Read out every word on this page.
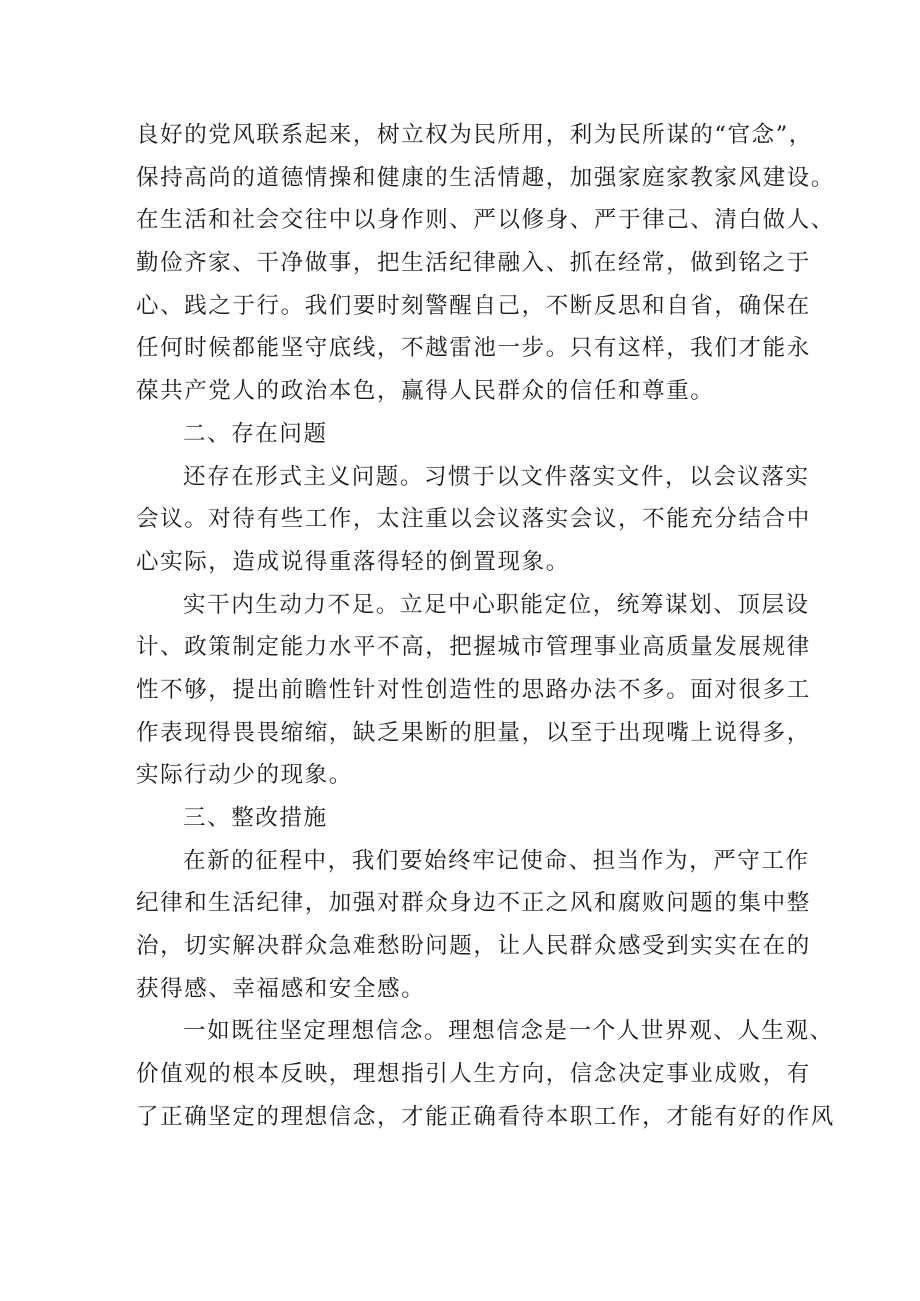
良好的党风联系起来，树立权为民所用，利为民所谋的“官念”，

保持高尚的道德情操和健康的生活情趣，加强家庭家教家风建设。

在生活和社会交往中以身作则、严以修身、严于律己、清白做人、

勤俭齐家、干净做事，把生活纪律融入、抓在经常，做到铭之于

心、践之于行。我们要时刻警醒自己，不断反思和自省，确保在

任何时候都能坚守底线，不越雷池一步。只有这样，我们才能永

葆共产党人的政治本色，赢得人民群众的信任和尊重。

二、存在问题

还存在形式主义问题。习惯于以文件落实文件，以会议落实

会议。对待有些工作，太注重以会议落实会议，不能充分结合中

心实际，造成说得重落得轻的倒置现象。

实干内生动力不足。立足中心职能定位，统筹谋划、顶层设

计、政策制定能力水平不高，把握城市管理事业高质量发展规律

性不够，提出前瞻性针对性创造性的思路办法不多。面对很多工

作表现得畏畏缩缩，缺乏果断的胆量，以至于出现嘴上说得多，

实际行动少的现象。

三、整改措施

在新的征程中，我们要始终牢记使命、担当作为，严守工作

纪律和生活纪律，加强对群众身边不正之风和腐败问题的集中整

治，切实解决群众急难愁盼问题，让人民群众感受到实实在在的

获得感、幸福感和安全感。

一如既往坚定理想信念。理想信念是一个人世界观、人生观、

价值观的根本反映，理想指引人生方向，信念决定事业成败，有

了正确坚定的理想信念，才能正确看待本职工作，才能有好的作风
